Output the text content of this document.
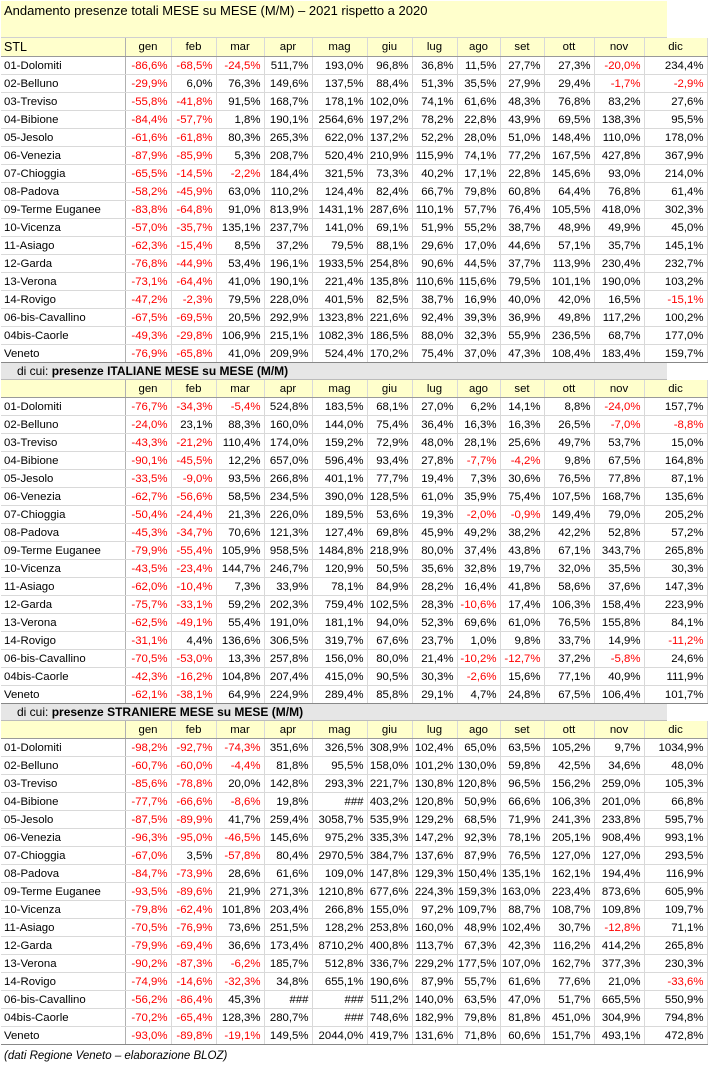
Andamento presenze totali MESE su MESE (M/M) – 2021 rispetto a 2020
STL	gen	feb	mar	apr	mag	giu	lug	ago	set	ott	nov	dic
01-Dolomiti	-86,6%	-68,5%	-24,5%	511,7%	193,0%	96,8%	36,8%	11,5%	27,7%	27,3%	-20,0%	234,4%
02-Belluno	-29,9%	6,0%	76,3%	149,6%	137,5%	88,4%	51,3%	35,5%	27,9%	29,4%	-1,7%	-2,9%
03-Treviso	-55,8%	-41,8%	91,5%	168,7%	178,1%	102,0%	74,1%	61,6%	48,3%	76,8%	83,2%	27,6%
04-Bibione	-84,4%	-57,7%	1,8%	190,1%	2564,6%	197,2%	78,2%	22,8%	43,9%	69,5%	138,3%	95,5%
05-Jesolo	-61,6%	-61,8%	80,3%	265,3%	622,0%	137,2%	52,2%	28,0%	51,0%	148,4%	110,0%	178,0%
06-Venezia	-87,9%	-85,9%	5,3%	208,7%	520,4%	210,9%	115,9%	74,1%	77,2%	167,5%	427,8%	367,9%
07-Chioggia	-65,5%	-14,5%	-2,2%	184,4%	321,5%	73,3%	40,2%	17,1%	22,8%	145,6%	93,0%	214,0%
08-Padova	-58,2%	-45,9%	63,0%	110,2%	124,4%	82,4%	66,7%	79,8%	60,8%	64,4%	76,8%	61,4%
09-Terme Euganee	-83,8%	-64,8%	91,0%	813,9%	1431,1%	287,6%	110,1%	57,7%	76,4%	105,5%	418,0%	302,3%
10-Vicenza	-57,0%	-35,7%	135,1%	237,7%	141,0%	69,1%	51,9%	55,2%	38,7%	48,9%	49,9%	45,0%
11-Asiago	-62,3%	-15,4%	8,5%	37,2%	79,5%	88,1%	29,6%	17,0%	44,6%	57,1%	35,7%	145,1%
12-Garda	-76,8%	-44,9%	53,4%	196,1%	1933,5%	254,8%	90,6%	44,5%	37,7%	113,9%	230,4%	232,7%
13-Verona	-73,1%	-64,4%	41,0%	190,1%	221,4%	135,8%	110,6%	115,6%	79,5%	101,1%	190,0%	103,2%
14-Rovigo	-47,2%	-2,3%	79,5%	228,0%	401,5%	82,5%	38,7%	16,9%	40,0%	42,0%	16,5%	-15,1%
06-bis-Cavallino	-67,5%	-69,5%	20,5%	292,9%	1323,8%	221,6%	92,4%	39,3%	36,9%	49,8%	117,2%	100,2%
04bis-Caorle	-49,3%	-29,8%	106,9%	215,1%	1082,3%	186,5%	88,0%	32,3%	55,9%	236,5%	68,7%	177,0%
Veneto	-76,9%	-65,8%	41,0%	209,9%	524,4%	170,2%	75,4%	37,0%	47,3%	108,4%	183,4%	159,7%
di cui: presenze ITALIANE MESE su MESE (M/M)
	gen	feb	mar	apr	mag	giu	lug	ago	set	ott	nov	dic
01-Dolomiti	-76,7%	-34,3%	-5,4%	524,8%	183,5%	68,1%	27,0%	6,2%	14,1%	8,8%	-24,0%	157,7%
02-Belluno	-24,0%	23,1%	88,3%	160,0%	144,0%	75,4%	36,4%	16,3%	16,3%	26,5%	-7,0%	-8,8%
03-Treviso	-43,3%	-21,2%	110,4%	174,0%	159,2%	72,9%	48,0%	28,1%	25,6%	49,7%	53,7%	15,0%
04-Bibione	-90,1%	-45,5%	12,2%	657,0%	596,4%	93,4%	27,8%	-7,7%	-4,2%	9,8%	67,5%	164,8%
05-Jesolo	-33,5%	-9,0%	93,5%	266,8%	401,1%	77,7%	19,4%	7,3%	30,6%	76,5%	77,8%	87,1%
06-Venezia	-62,7%	-56,6%	58,5%	234,5%	390,0%	128,5%	61,0%	35,9%	75,4%	107,5%	168,7%	135,6%
07-Chioggia	-50,4%	-24,4%	21,3%	226,0%	189,5%	53,6%	19,3%	-2,0%	-0,9%	149,4%	79,0%	205,2%
08-Padova	-45,3%	-34,7%	70,6%	121,3%	127,4%	69,8%	45,9%	49,2%	38,2%	42,2%	52,8%	57,2%
09-Terme Euganee	-79,9%	-55,4%	105,9%	958,5%	1484,8%	218,9%	80,0%	37,4%	43,8%	67,1%	343,7%	265,8%
10-Vicenza	-43,5%	-23,4%	144,7%	246,7%	120,9%	50,5%	35,6%	32,8%	19,7%	32,0%	35,5%	30,3%
11-Asiago	-62,0%	-10,4%	7,3%	33,9%	78,1%	84,9%	28,2%	16,4%	41,8%	58,6%	37,6%	147,3%
12-Garda	-75,7%	-33,1%	59,2%	202,3%	759,4%	102,5%	28,3%	-10,6%	17,4%	106,3%	158,4%	223,9%
13-Verona	-62,5%	-49,1%	55,4%	191,0%	181,1%	94,0%	52,3%	69,6%	61,0%	76,5%	155,8%	84,1%
14-Rovigo	-31,1%	4,4%	136,6%	306,5%	319,7%	67,6%	23,7%	1,0%	9,8%	33,7%	14,9%	-11,2%
06-bis-Cavallino	-70,5%	-53,0%	13,3%	257,8%	156,0%	80,0%	21,4%	-10,2%	-12,7%	37,2%	-5,8%	24,6%
04bis-Caorle	-42,3%	-16,2%	104,8%	207,4%	415,0%	90,5%	30,3%	-2,6%	15,6%	77,1%	40,9%	111,9%
Veneto	-62,1%	-38,1%	64,9%	224,9%	289,4%	85,8%	29,1%	4,7%	24,8%	67,5%	106,4%	101,7%
di cui: presenze STRANIERE MESE su MESE (M/M)
	gen	feb	mar	apr	mag	giu	lug	ago	set	ott	nov	dic
01-Dolomiti	-98,2%	-92,7%	-74,3%	351,6%	326,5%	308,9%	102,4%	65,0%	63,5%	105,2%	9,7%	1034,9%
02-Belluno	-60,7%	-60,0%	-4,4%	81,8%	95,5%	158,0%	101,2%	130,0%	59,8%	42,5%	34,6%	48,0%
03-Treviso	-85,6%	-78,8%	20,0%	142,8%	293,3%	221,7%	130,8%	120,8%	96,5%	156,2%	259,0%	105,3%
04-Bibione	-77,7%	-66,6%	-8,6%	19,8%	###	403,2%	120,8%	50,9%	66,6%	106,3%	201,0%	66,8%
05-Jesolo	-87,5%	-89,9%	41,7%	259,4%	3058,7%	535,9%	129,2%	68,5%	71,9%	241,3%	233,8%	595,7%
06-Venezia	-96,3%	-95,0%	-46,5%	145,6%	975,2%	335,3%	147,2%	92,3%	78,1%	205,1%	908,4%	993,1%
07-Chioggia	-67,0%	3,5%	-57,8%	80,4%	2970,5%	384,7%	137,6%	87,9%	76,5%	127,0%	127,0%	293,5%
08-Padova	-84,7%	-73,9%	28,6%	61,6%	109,0%	147,8%	129,3%	150,4%	135,1%	162,1%	194,4%	116,9%
09-Terme Euganee	-93,5%	-89,6%	21,9%	271,3%	1210,8%	677,6%	224,3%	159,3%	163,0%	223,4%	873,6%	605,9%
10-Vicenza	-79,8%	-62,4%	101,8%	203,4%	266,8%	155,0%	97,2%	109,7%	88,7%	108,7%	109,8%	109,7%
11-Asiago	-70,5%	-76,9%	73,6%	251,5%	128,2%	253,8%	160,0%	48,9%	102,4%	30,7%	-12,8%	71,1%
12-Garda	-79,9%	-69,4%	36,6%	173,4%	8710,2%	400,8%	113,7%	67,3%	42,3%	116,2%	414,2%	265,8%
13-Verona	-90,2%	-87,3%	-6,2%	185,7%	512,8%	336,7%	229,2%	177,5%	107,0%	162,7%	377,3%	230,3%
14-Rovigo	-74,9%	-14,6%	-32,3%	34,8%	655,1%	190,6%	87,9%	55,7%	61,6%	77,6%	21,0%	-33,6%
06-bis-Cavallino	-56,2%	-86,4%	45,3%	###	###	511,2%	140,0%	63,5%	47,0%	51,7%	665,5%	550,9%
04bis-Caorle	-70,2%	-65,4%	128,3%	280,7%	###	748,6%	182,9%	79,8%	81,8%	451,0%	304,9%	794,8%
Veneto	-93,0%	-89,8%	-19,1%	149,5%	2044,0%	419,7%	131,6%	71,8%	60,6%	151,7%	493,1%	472,8%
(dati Regione Veneto – elaborazione BLOZ)
